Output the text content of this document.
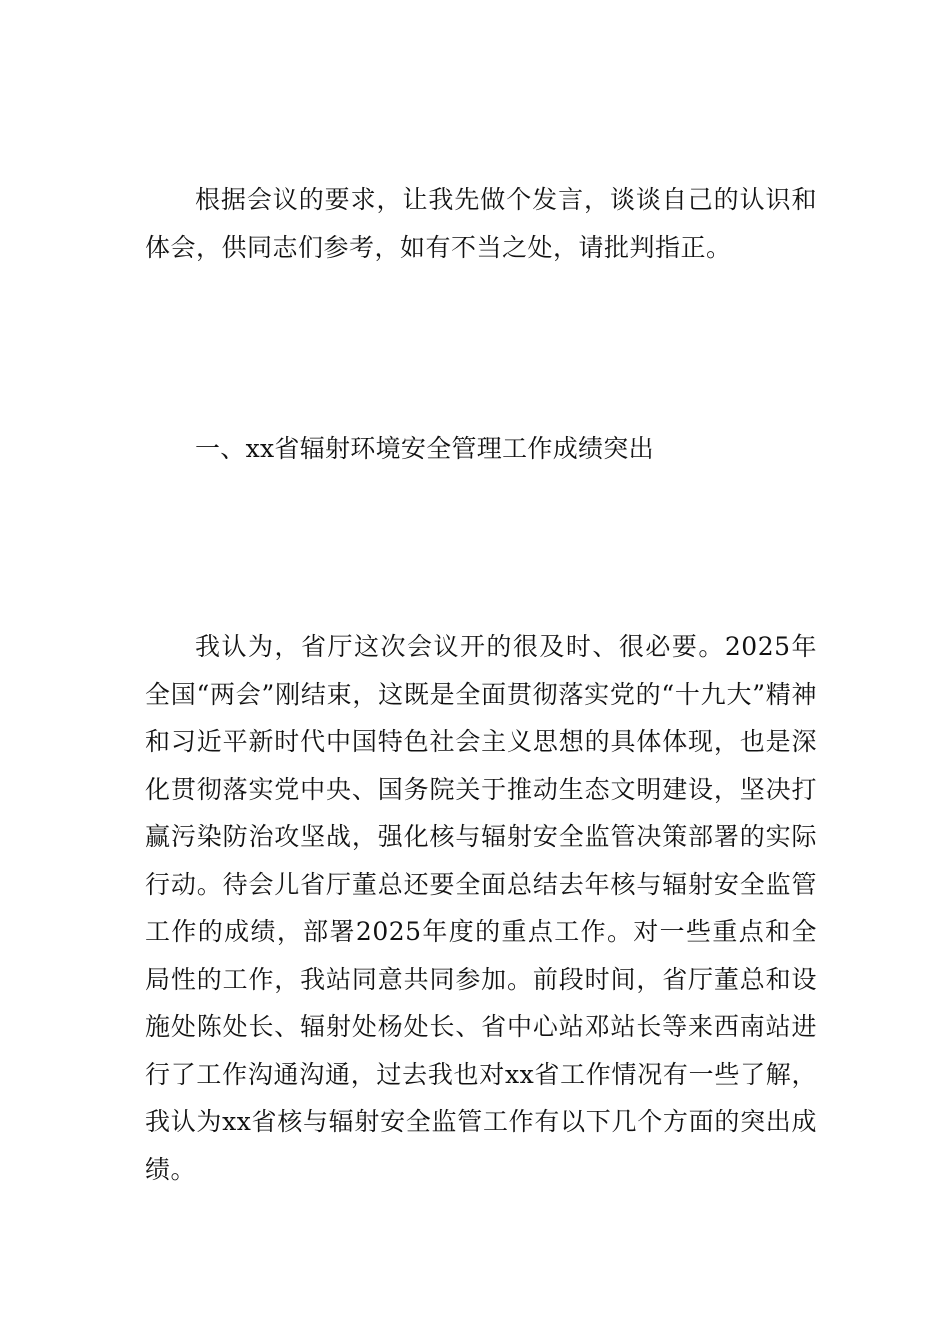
根据会议的要求，让我先做个发言，谈谈自己的认识和体会，供同志们参考，如有不当之处，请批判指正。

一、xx省辐射环境安全管理工作成绩突出

我认为，省厅这次会议开的很及时、很必要。2025年全国“两会”刚结束，这既是全面贯彻落实党的“十九大”精神和习近平新时代中国特色社会主义思想的具体体现，也是深化贯彻落实党中央、国务院关于推动生态文明建设，坚决打赢污染防治攻坚战，强化核与辐射安全监管决策部署的实际行动。待会儿省厅董总还要全面总结去年核与辐射安全监管工作的成绩，部署2025年度的重点工作。对一些重点和全局性的工作，我站同意共同参加。前段时间，省厅董总和设施处陈处长、辐射处杨处长、省中心站邓站长等来西南站进行了工作沟通沟通，过去我也对xx省工作情况有一些了解，我认为xx省核与辐射安全监管工作有以下几个方面的突出成绩。
